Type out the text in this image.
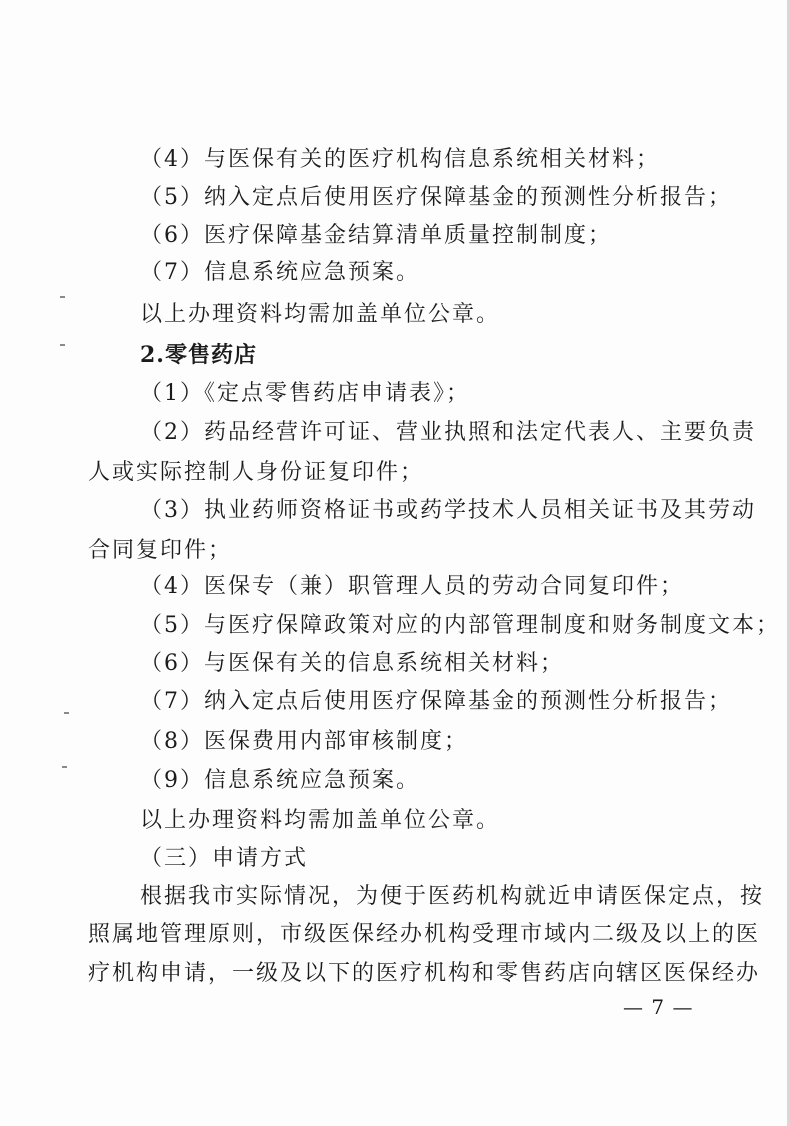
（4）与医保有关的医疗机构信息系统相关材料；
（5）纳入定点后使用医疗保障基金的预测性分析报告；
（6）医疗保障基金结算清单质量控制制度；
（7）信息系统应急预案。
以上办理资料均需加盖单位公章。
2.零售药店
（1）《定点零售药店申请表》；
（2）药品经营许可证、营业执照和法定代表人、主要负责
人或实际控制人身份证复印件；
（3）执业药师资格证书或药学技术人员相关证书及其劳动
合同复印件；
（4）医保专（兼）职管理人员的劳动合同复印件；
（5）与医疗保障政策对应的内部管理制度和财务制度文本；
（6）与医保有关的信息系统相关材料；
（7）纳入定点后使用医疗保障基金的预测性分析报告；
（8）医保费用内部审核制度；
（9）信息系统应急预案。
以上办理资料均需加盖单位公章。
（三）申请方式
根据我市实际情况，为便于医药机构就近申请医保定点，按
照属地管理原则，市级医保经办机构受理市域内二级及以上的医
疗机构申请，一级及以下的医疗机构和零售药店向辖区医保经办
— 7 —
